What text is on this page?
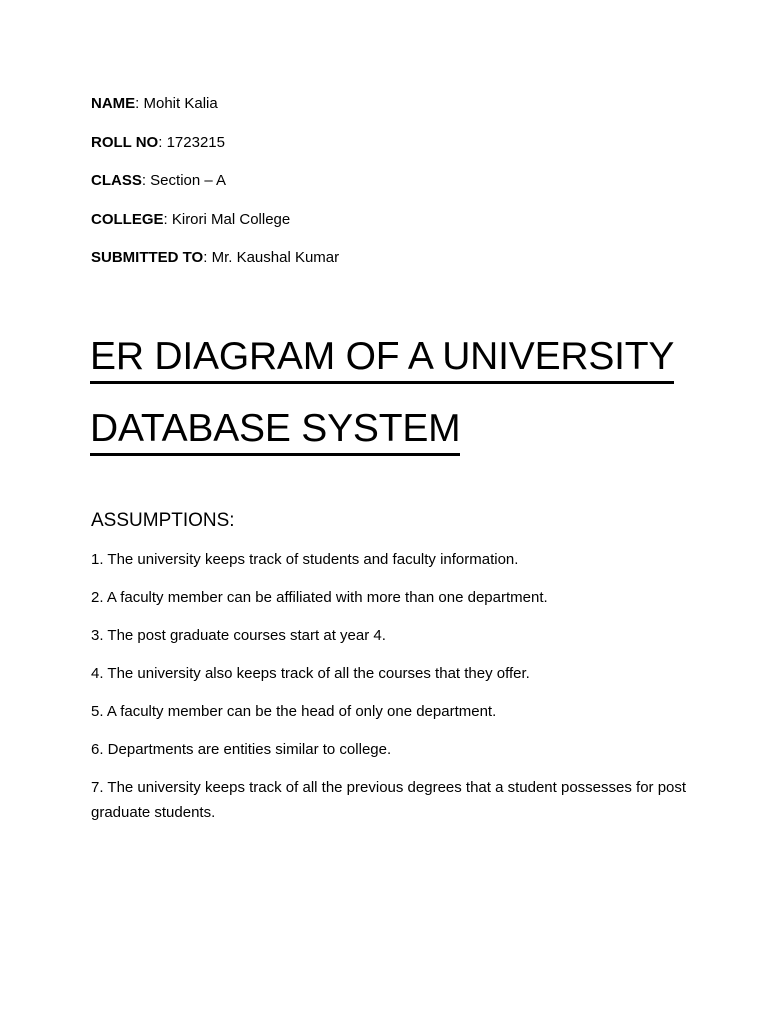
NAME: Mohit Kalia
ROLL NO: 1723215
CLASS: Section – A
COLLEGE: Kirori Mal College
SUBMITTED TO: Mr. Kaushal Kumar
ER DIAGRAM OF A UNIVERSITY
DATABASE SYSTEM
ASSUMPTIONS:

1. The university keeps track of students and faculty information.

2. A faculty member can be affiliated with more than one department.

3. The post graduate courses start at year 4.

4. The university also keeps track of all the courses that they offer.

5. A faculty member can be the head of only one department.

6. Departments are entities similar to college.

7. The university keeps track of all the previous degrees that a student possesses for post graduate students.
